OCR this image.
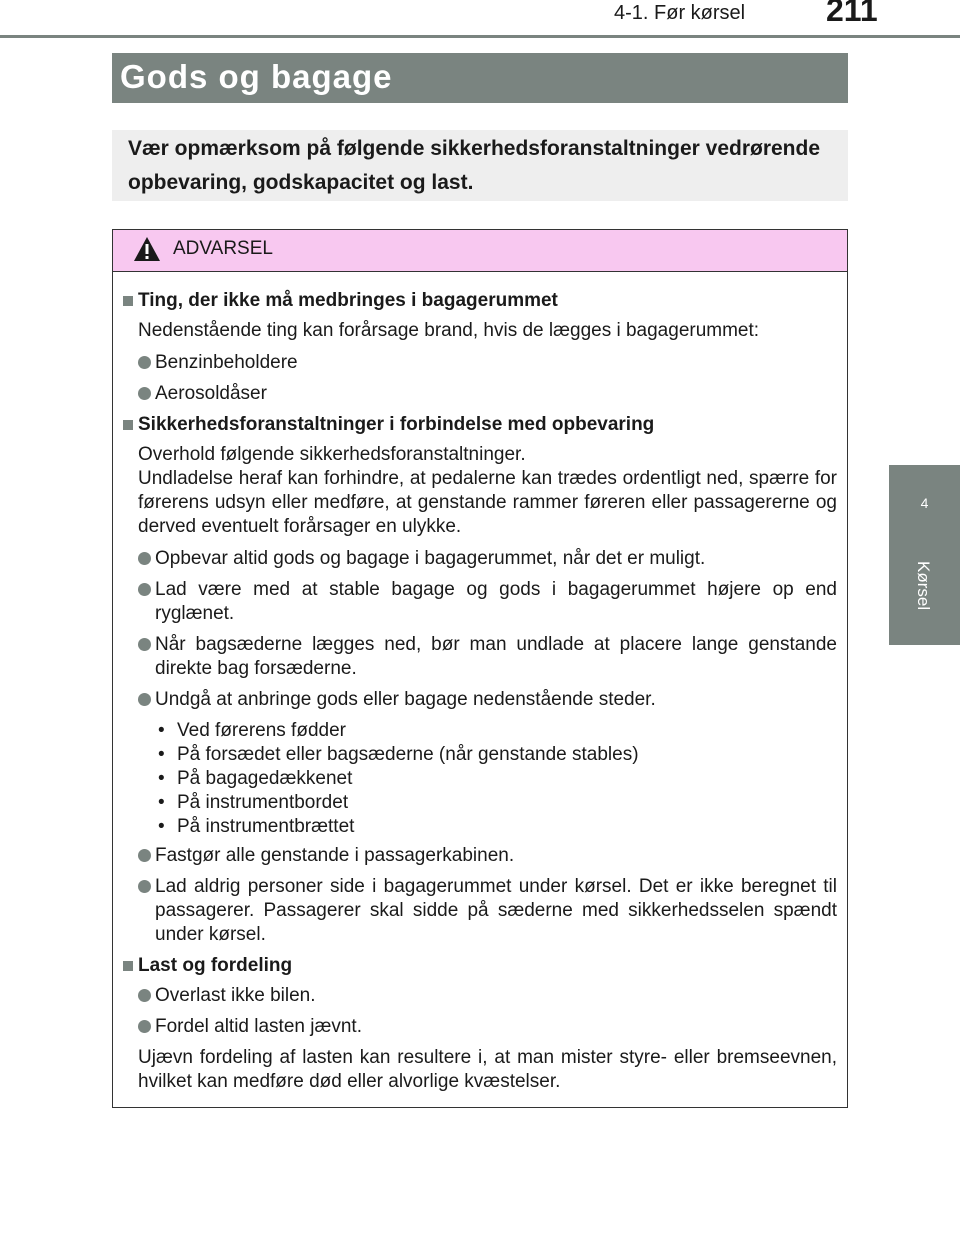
4-1. Før kørsel	211
4
Kørsel
Gods og bagage
Vær opmærksom på følgende sikkerhedsforanstaltninger vedrørende opbevaring, godskapacitet og last.
ADVARSEL
Ting, der ikke må medbringes i bagagerummet
Nedenstående ting kan forårsage brand, hvis de lægges i bagagerummet:
Benzinbeholdere
Aerosoldåser
Sikkerhedsforanstaltninger i forbindelse med opbevaring
Overhold følgende sikkerhedsforanstaltninger.
Undladelse heraf kan forhindre, at pedalerne kan trædes ordentligt ned, spærre for førerens udsyn eller medføre, at genstande rammer føreren eller passagererne og derved eventuelt forårsager en ulykke.
Opbevar altid gods og bagage i bagagerummet, når det er muligt.
Lad være med at stable bagage og gods i bagagerummet højere op end ryglænet.
Når bagsæderne lægges ned, bør man undlade at placere lange genstande direkte bag forsæderne.
Undgå at anbringe gods eller bagage nedenstående steder.
• Ved førerens fødder
• På forsædet eller bagsæderne (når genstande stables)
• På bagagedækkenet
• På instrumentbordet
• På instrumentbrættet
Fastgør alle genstande i passagerkabinen.
Lad aldrig personer side i bagagerummet under kørsel. Det er ikke beregnet til passagerer. Passagerer skal sidde på sæderne med sikkerhedsselen spændt under kørsel.
Last og fordeling
Overlast ikke bilen.
Fordel altid lasten jævnt.
Ujævn fordeling af lasten kan resultere i, at man mister styre- eller bremseevnen, hvilket kan medføre død eller alvorlige kvæstelser.
